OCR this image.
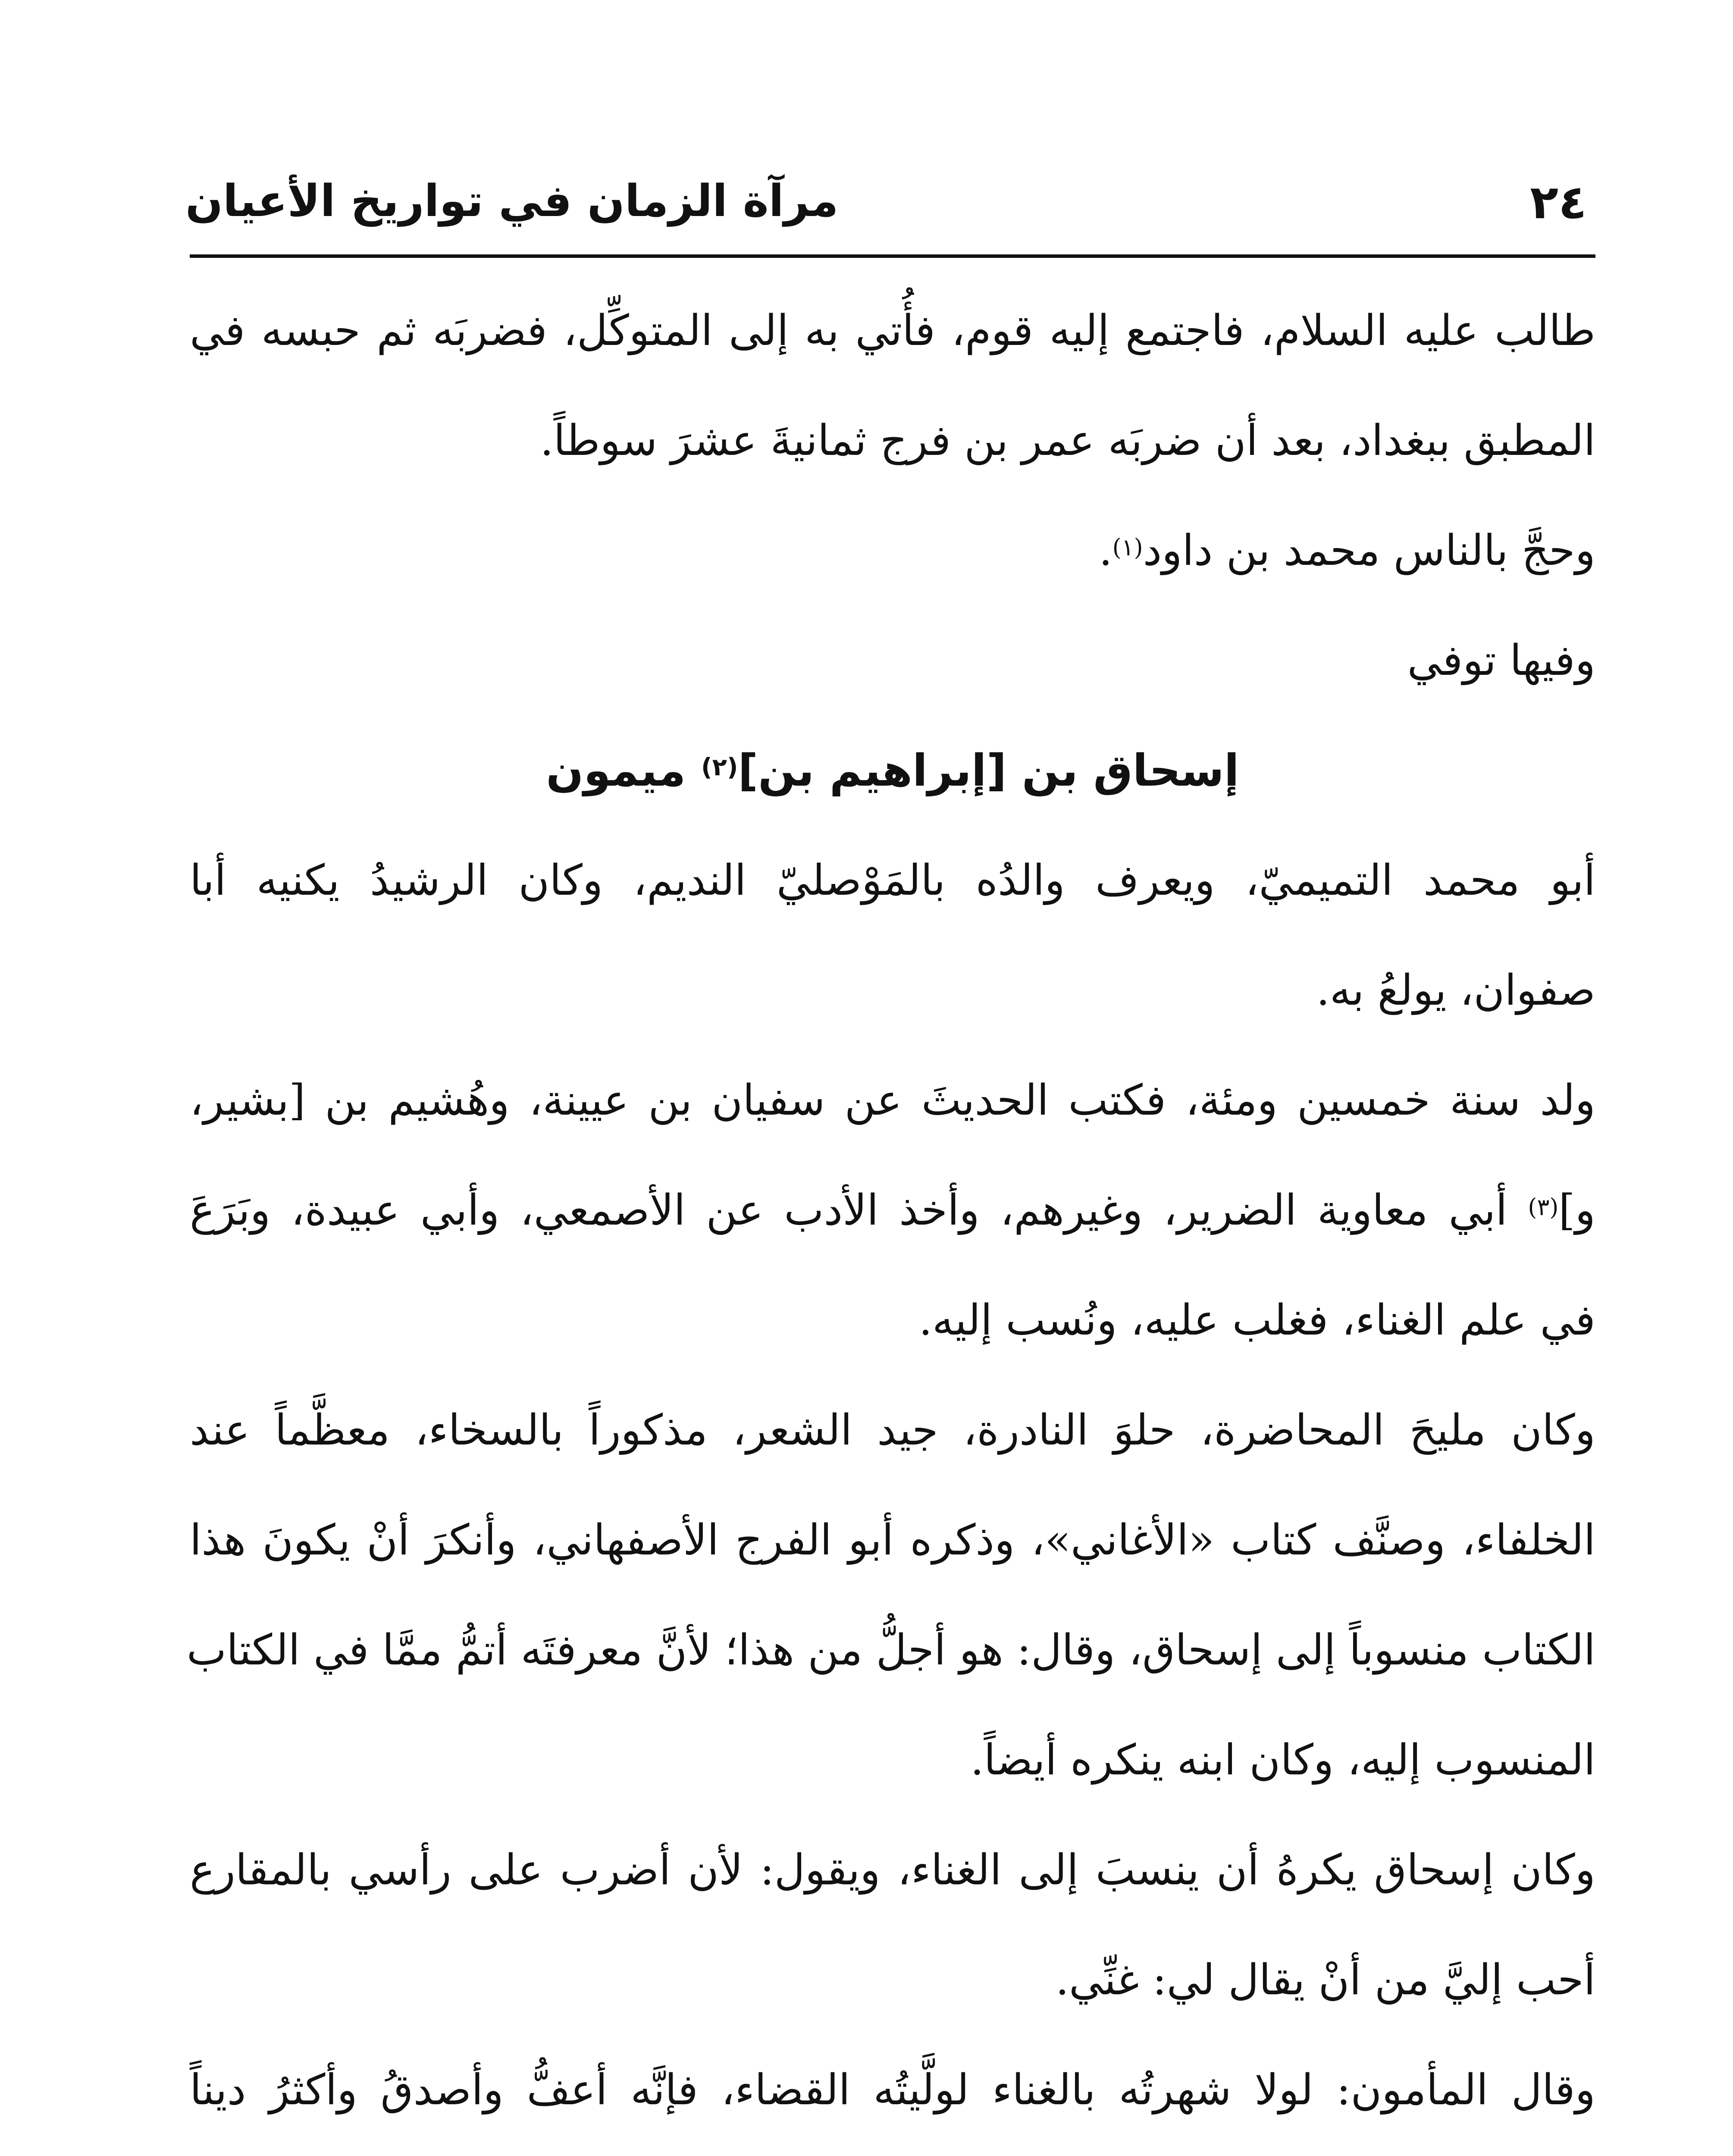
٢٤
مرآة الزمان في تواريخ الأعيان

طالب عليه السلام، فاجتمع إليه قوم، فأُتي به إلى المتوكِّل، فضربَه ثم حبسه في

المطبق ببغداد، بعد أن ضربَه عمر بن فرج ثمانيةَ عشرَ سوطاً.

وحجَّ بالناس محمد بن داود$^{(١)}$.

وفيها توفي

إسحاق بن [إبراهيم بن]$^{(٢)}$ ميمون

أبو محمد التميميّ، ويعرف والدُه بالمَوْصليّ النديم، وكان الرشيدُ يكنيه أبا

صفوان، يولعُ به.

ولد سنة خمسين ومئة، فكتب الحديثَ عن سفيان بن عيينة، وهُشيم بن [بشير،

و]$^{(٣)}$ أبي معاوية الضرير، وغيرهم، وأخذ الأدب عن الأصمعي، وأبي عبيدة، وبَرَعَ

في علم الغناء، فغلب عليه، ونُسب إليه.

وكان مليحَ المحاضرة، حلوَ النادرة، جيد الشعر، مذكوراً بالسخاء، معظَّماً عند

الخلفاء، وصنَّف كتاب «الأغاني»، وذكره أبو الفرج الأصفهاني، وأنكرَ أنْ يكونَ هذا

الكتاب منسوباً إلى إسحاق، وقال: هو أجلُّ من هذا؛ لأنَّ معرفتَه أتمُّ ممَّا في الكتاب

المنسوب إليه، وكان ابنه ينكره أيضاً.

وكان إسحاق يكرهُ أن ينسبَ إلى الغناء، ويقول: لأن أضرب على رأسي بالمقارع

أحب إليَّ من أنْ يقال لي: غنِّي.

وقال المأمون: لولا شهرتُه بالغناء لولَّيتُه القضاء، فإنَّه أعفُّ وأصدقُ وأكثرُ ديناً
